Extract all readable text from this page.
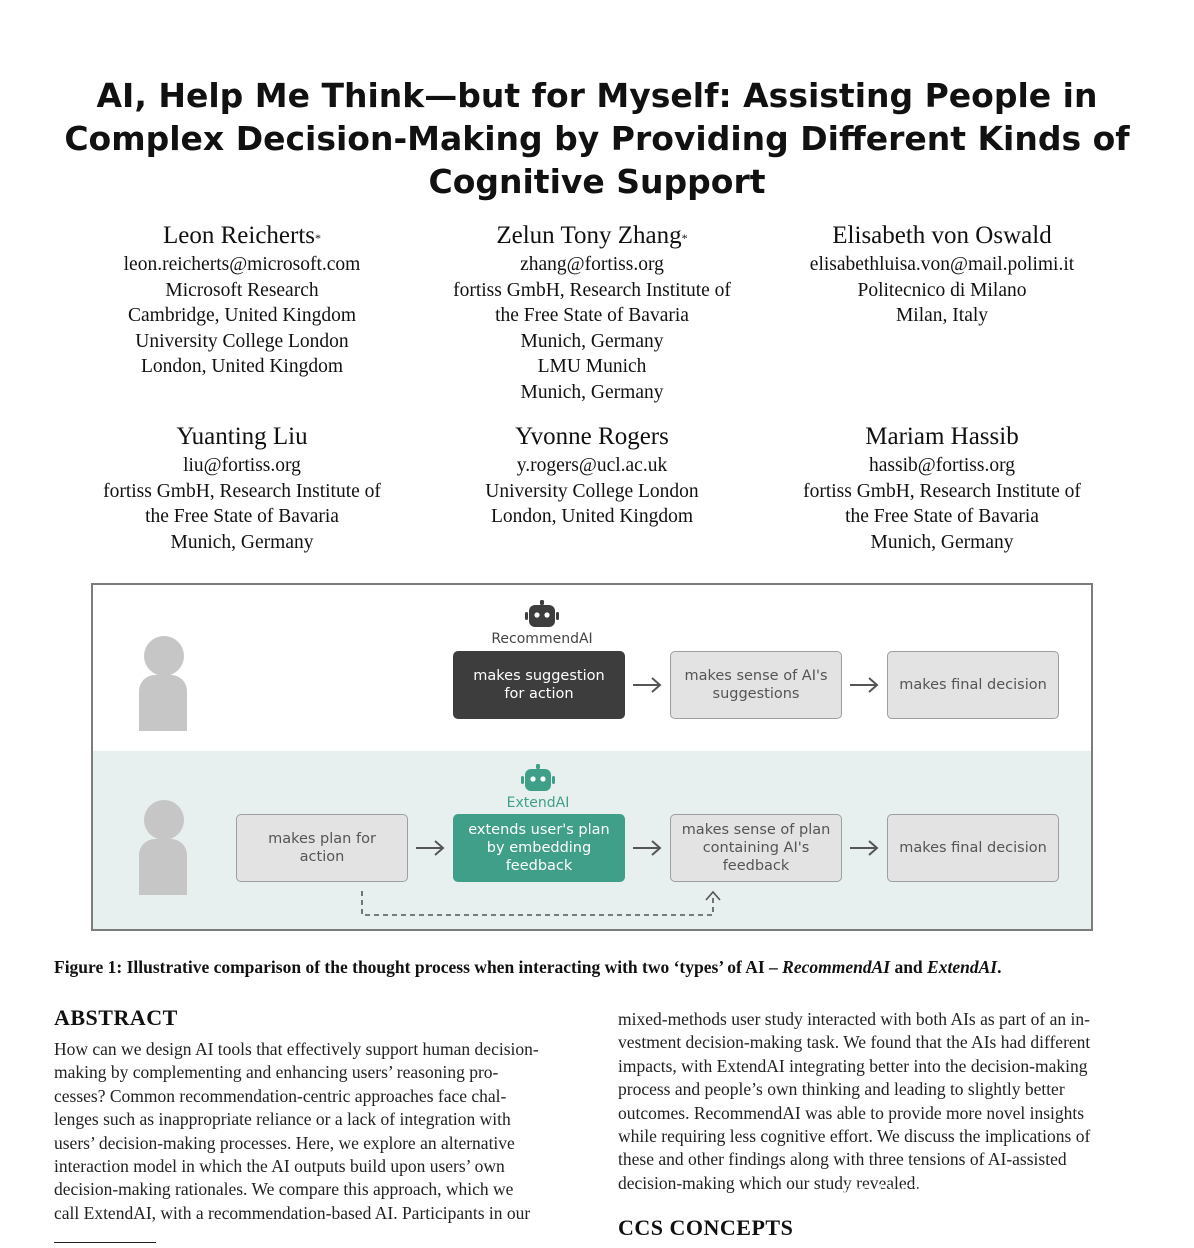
AI, Help Me Think—but for Myself: Assisting People in Complex Decision-Making by Providing Different Kinds of Cognitive Support
Leon Reicherts*
leon.reicherts@microsoft.com
Microsoft Research
Cambridge, United Kingdom
University College London
London, United Kingdom
Zelun Tony Zhang*
zhang@fortiss.org
fortiss GmbH, Research Institute of
the Free State of Bavaria
Munich, Germany
LMU Munich
Munich, Germany
Elisabeth von Oswald
elisabethluisa.von@mail.polimi.it
Politecnico di Milano
Milan, Italy
Yuanting Liu
liu@fortiss.org
fortiss GmbH, Research Institute of
the Free State of Bavaria
Munich, Germany
Yvonne Rogers
y.rogers@ucl.ac.uk
University College London
London, United Kingdom
Mariam Hassib
hassib@fortiss.org
fortiss GmbH, Research Institute of
the Free State of Bavaria
Munich, Germany
RecommendAI
makes suggestion for action
makes sense of AI's suggestions
makes final decision
ExtendAI
makes plan for action
extends user's plan by embedding feedback
makes sense of plan containing AI's feedback
makes final decision
Figure 1: Illustrative comparison of the thought process when interacting with two ‘types’ of AI – RecommendAI and ExtendAI.
ABSTRACT
How can we design AI tools that effectively support human decision-
making by complementing and enhancing users’ reasoning pro-
cesses? Common recommendation-centric approaches face chal-
lenges such as inappropriate reliance or a lack of integration with
users’ decision-making processes. Here, we explore an alternative
interaction model in which the AI outputs build upon users’ own
decision-making rationales. We compare this approach, which we
call ExtendAI, with a recommendation-based AI. Participants in our
mixed-methods user study interacted with both AIs as part of an in-
vestment decision-making task. We found that the AIs had different
impacts, with ExtendAI integrating better into the decision-making
process and people’s own thinking and leading to slightly better
outcomes. RecommendAI was able to provide more novel insights
while requiring less cognitive effort. We discuss the implications of
these and other findings along with three tensions of AI-assisted
decision-making which our study revealed.
CCS CONCEPTS
小红书号：839336904
